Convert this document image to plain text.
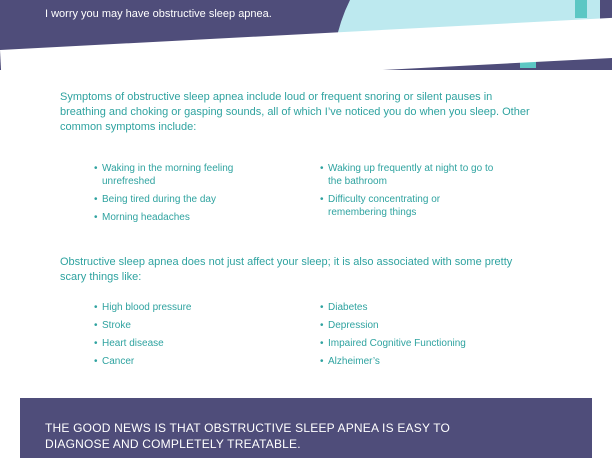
I worry you may have obstructive sleep apnea.

Symptoms of obstructive sleep apnea include loud or frequent snoring or silent pauses in breathing and choking or gasping sounds, all of which I’ve noticed you do when you sleep. Other common symptoms include:

• Waking in the morning feeling unrefreshed
• Being tired during the day
• Morning headaches
• Waking up frequently at night to go to the bathroom
• Difficulty concentrating or remembering things

Obstructive sleep apnea does not just affect your sleep; it is also associated with some pretty scary things like:

• High blood pressure
• Stroke
• Heart disease
• Cancer
• Diabetes
• Depression
• Impaired Cognitive Functioning
• Alzheimer’s
THE GOOD NEWS IS THAT OBSTRUCTIVE SLEEP APNEA IS EASY TO DIAGNOSE AND COMPLETELY TREATABLE.
